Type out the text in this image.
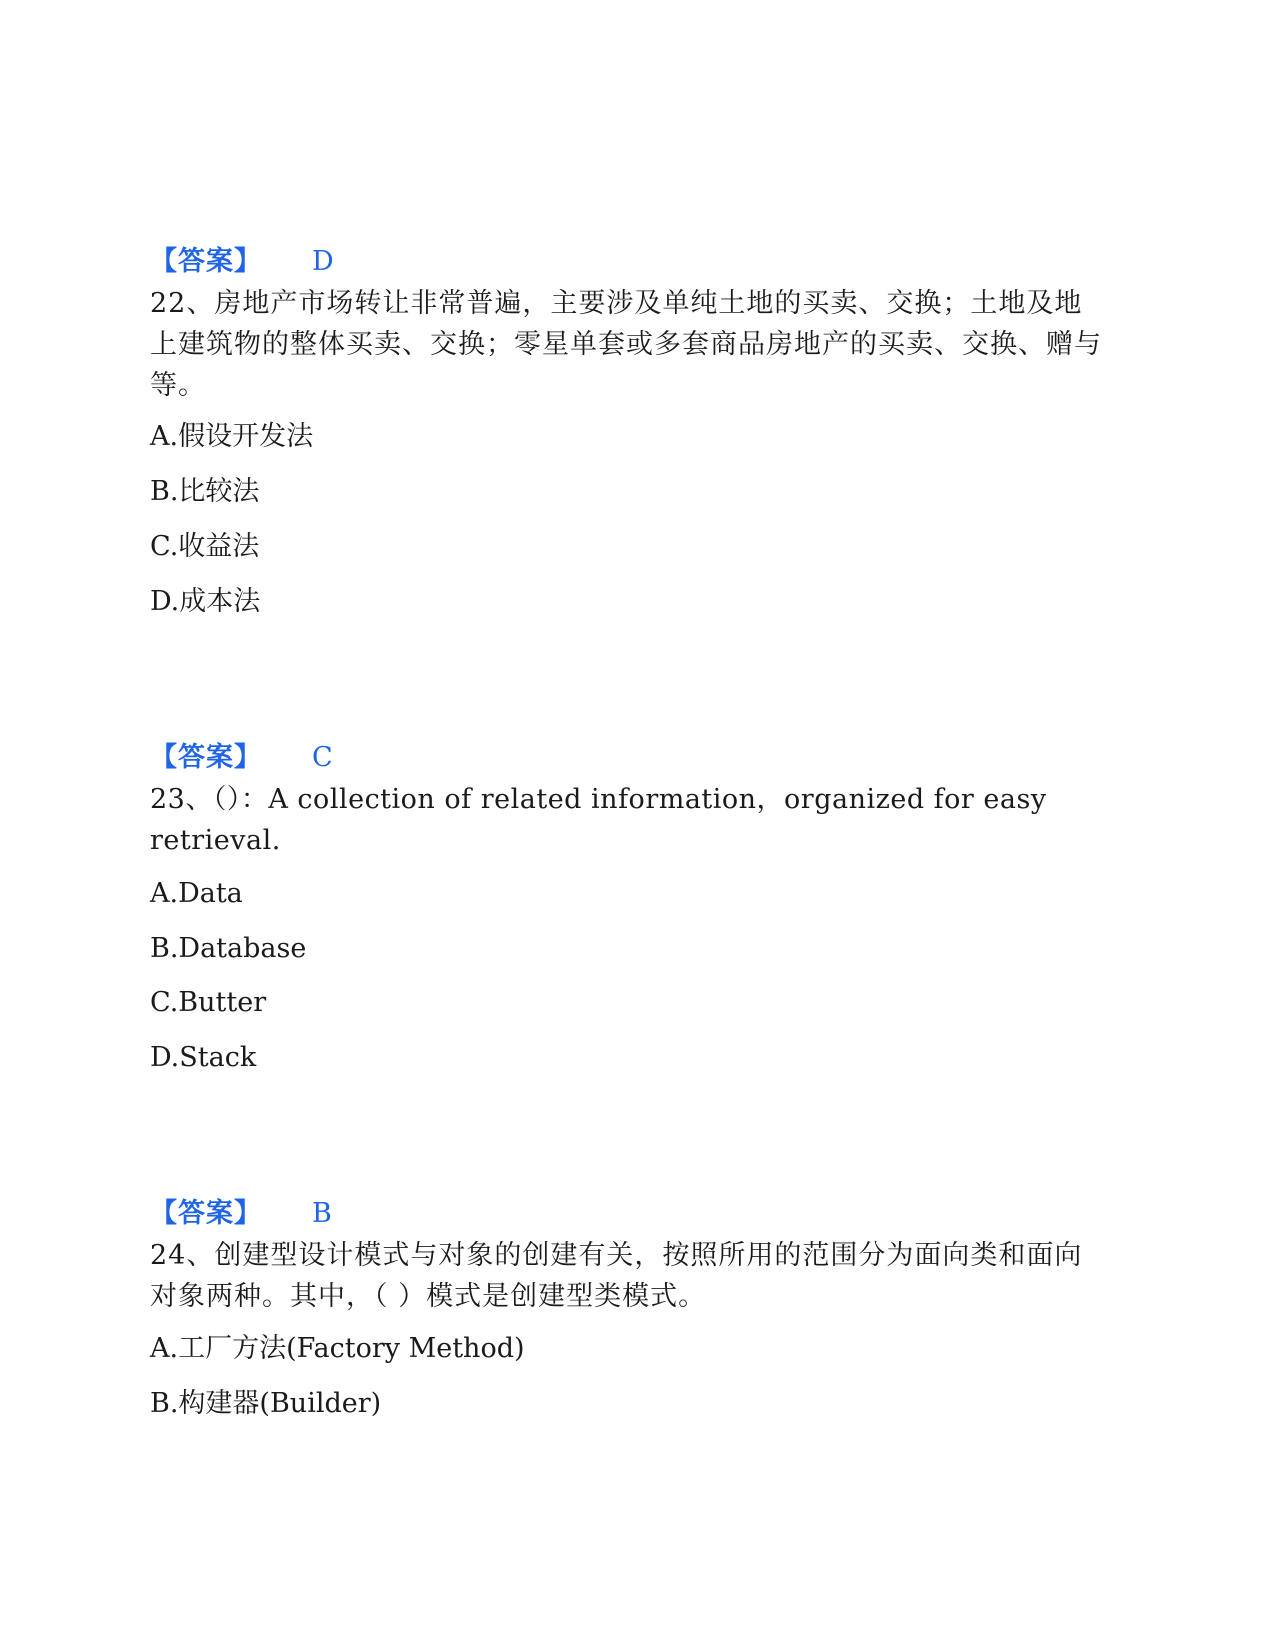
【答案】 D
22、房地产市场转让非常普遍，主要涉及单纯土地的买卖、交换；土地及地上建筑物的整体买卖、交换；零星单套或多套商品房地产的买卖、交换、赠与等。
A.假设开发法
B.比较法
C.收益法
D.成本法
【答案】 C
23、（）：A collection of related information，organized for easy retrieval.
A.Data
B.Database
C.Butter
D.Stack
【答案】 B
24、创建型设计模式与对象的创建有关，按照所用的范围分为面向类和面向对象两种。其中，（ ）模式是创建型类模式。
A.工厂方法(Factory Method)
B.构建器(Builder)
